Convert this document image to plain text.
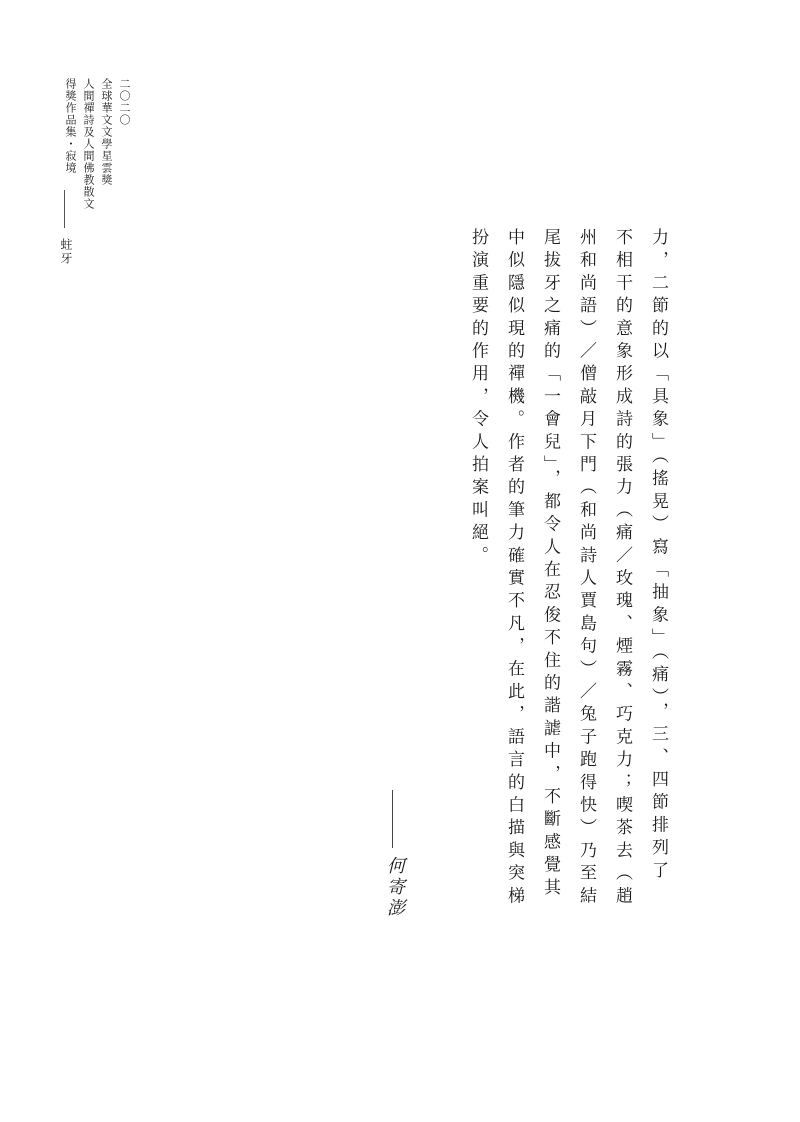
二〇二〇
全球華文文學星雲獎
人間禪詩及人間佛教散文
得獎作品集・寂境
蛀牙	力，二節的以「具象」（搖晃）寫「抽象」（痛），三、四節排列了
不相干的意象形成詩的張力（痛／玫瑰、煙霧、巧克力；喫茶去（趙
州和尚語）／僧敲月下門（和尚詩人賈島句）／兔子跑得快）乃至結
尾拔牙之痛的「一會兒」，都令人在忍俊不住的諧謔中，不斷感覺其
中似隱似現的禪機。作者的筆力確實不凡，在此，語言的白描與突梯
扮演重要的作用，令人拍案叫絕。
何寄澎
